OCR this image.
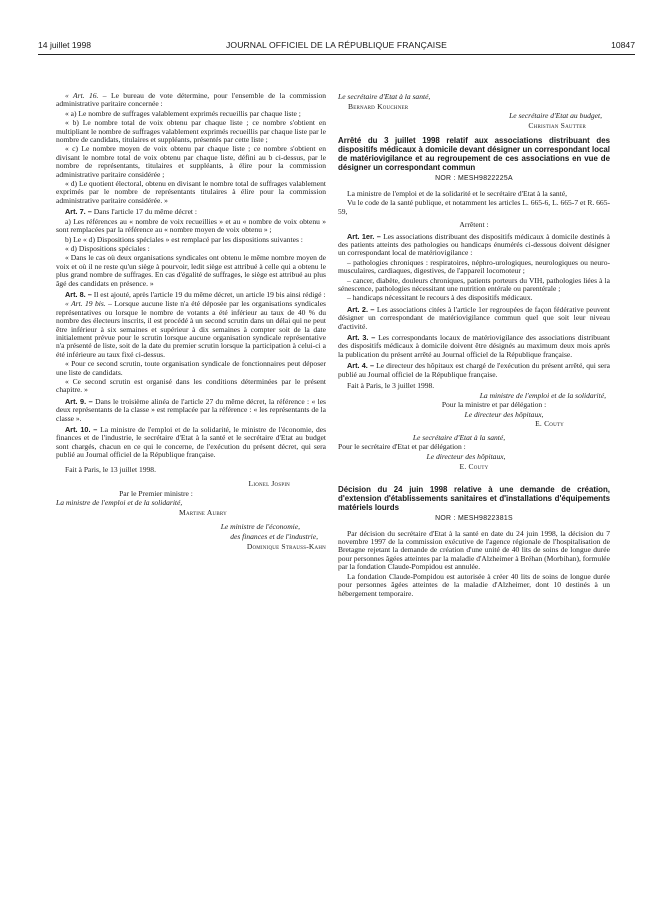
14 juillet 1998	JOURNAL OFFICIEL DE LA RÉPUBLIQUE FRANÇAISE	10847

« Art. 16. – Le bureau de vote détermine, pour l'ensemble de la commission administrative paritaire concernée :

« a) Le nombre de suffrages valablement exprimés recueillis par chaque liste ;

« b) Le nombre total de voix obtenu par chaque liste ; ce nombre s'obtient en multipliant le nombre de suffrages valablement exprimés recueillis par chaque liste par le nombre de candidats, titulaires et suppléants, présentés par cette liste ;

« c) Le nombre moyen de voix obtenu par chaque liste ; ce nombre s'obtient en divisant le nombre total de voix obtenu par chaque liste, défini au b ci-dessus, par le nombre de représentants, titulaires et suppléants, à élire pour la commission administrative paritaire considérée ;

« d) Le quotient électoral, obtenu en divisant le nombre total de suffrages valablement exprimés par le nombre de représentants titulaires à élire pour la commission administrative paritaire considérée. »

Art. 7. – Dans l'article 17 du même décret :

a) Les références au « nombre de voix recueillies » et au « nombre de voix obtenu » sont remplacées par la référence au « nombre moyen de voix obtenu » ;

b) Le « d) Dispositions spéciales » est remplacé par les dispositions suivantes :

« d) Dispositions spéciales :

« Dans le cas où deux organisations syndicales ont obtenu le même nombre moyen de voix et où il ne reste qu'un siège à pourvoir, ledit siège est attribué à celle qui a obtenu le plus grand nombre de suffrages. En cas d'égalité de suffrages, le siège est attribué au plus âgé des candidats en présence. »

Art. 8. – Il est ajouté, après l'article 19 du même décret, un article 19 bis ainsi rédigé :

« Art. 19 bis. – Lorsque aucune liste n'a été déposée par les organisations syndicales représentatives ou lorsque le nombre de votants a été inférieur au taux de 40 % du nombre des électeurs inscrits, il est procédé à un second scrutin dans un délai qui ne peut être inférieur à six semaines et supérieur à dix semaines à compter soit de la date initialement prévue pour le scrutin lorsque aucune organisation syndicale représentative n'a présenté de liste, soit de la date du premier scrutin lorsque la participation à celui-ci a été inférieure au taux fixé ci-dessus.

« Pour ce second scrutin, toute organisation syndicale de fonctionnaires peut déposer une liste de candidats.

« Ce second scrutin est organisé dans les conditions déterminées par le présent chapitre. »

Art. 9. – Dans le troisième alinéa de l'article 27 du même décret, la référence : « les deux représentants de la classe » est remplacée par la référence : « les représentants de la classe ».

Art. 10. – La ministre de l'emploi et de la solidarité, le ministre de l'économie, des finances et de l'industrie, le secrétaire d'Etat à la santé et le secrétaire d'Etat au budget sont chargés, chacun en ce qui le concerne, de l'exécution du présent décret, qui sera publié au Journal officiel de la République française.

Fait à Paris, le 13 juillet 1998.

Lionel Jospin
Par le Premier ministre :
La ministre de l'emploi et de la solidarité,
Martine Aubry
Le ministre de l'économie,
des finances et de l'industrie,
Dominique Strauss-Kahn
Le secrétaire d'Etat à la santé,
Bernard Kouchner
Le secrétaire d'Etat au budget,
Christian Sautter
Arrêté du 3 juillet 1998 relatif aux associations distribuant des dispositifs médicaux à domicile devant désigner un correspondant local de matériovigilance et au regroupement de ces associations en vue de désigner un correspondant commun
NOR : MESH9822225A

La ministre de l'emploi et de la solidarité et le secrétaire d'Etat à la santé,

Vu le code de la santé publique, et notamment les articles L. 665-6, L. 665-7 et R. 665-59,

Arrêtent :

Art. 1er. – Les associations distribuant des dispositifs médicaux à domicile destinés à des patients atteints des pathologies ou handicaps énumérés ci-dessous doivent désigner un correspondant local de matériovigilance :

– pathologies chroniques : respiratoires, néphro-urologiques, neurologiques ou neuro-musculaires, cardiaques, digestives, de l'appareil locomoteur ;

– cancer, diabète, douleurs chroniques, patients porteurs du VIH, pathologies liées à la sénescence, pathologies nécessitant une nutrition entérale ou parentérale ;

– handicaps nécessitant le recours à des dispositifs médicaux.

Art. 2. – Les associations citées à l'article 1er regroupées de façon fédérative peuvent désigner un correspondant de matériovigilance commun quel que soit leur niveau d'activité.

Art. 3. – Les correspondants locaux de matériovigilance des associations distribuant des dispositifs médicaux à domicile doivent être désignés au maximum deux mois après la publication du présent arrêté au Journal officiel de la République française.

Art. 4. – Le directeur des hôpitaux est chargé de l'exécution du présent arrêté, qui sera publié au Journal officiel de la République française.

Fait à Paris, le 3 juillet 1998.

La ministre de l'emploi et de la solidarité,
Pour la ministre et par délégation :
Le directeur des hôpitaux,
E. Couty
Le secrétaire d'Etat à la santé,
Pour le secrétaire d'Etat et par délégation :
Le directeur des hôpitaux,
E. Couty
Décision du 24 juin 1998 relative à une demande de création, d'extension d'établissements sanitaires et d'installations d'équipements matériels lourds
NOR : MESH9822381S

Par décision du secrétaire d'Etat à la santé en date du 24 juin 1998, la décision du 7 novembre 1997 de la commission exécutive de l'agence régionale de l'hospitalisation de Bretagne rejetant la demande de création d'une unité de 40 lits de soins de longue durée pour personnes âgées atteintes par la maladie d'Alzheimer à Bréhan (Morbihan), formulée par la fondation Claude-Pompidou est annulée.

La fondation Claude-Pompidou est autorisée à créer 40 lits de soins de longue durée pour personnes âgées atteintes de la maladie d'Alzheimer, dont 10 destinés à un hébergement temporaire.
